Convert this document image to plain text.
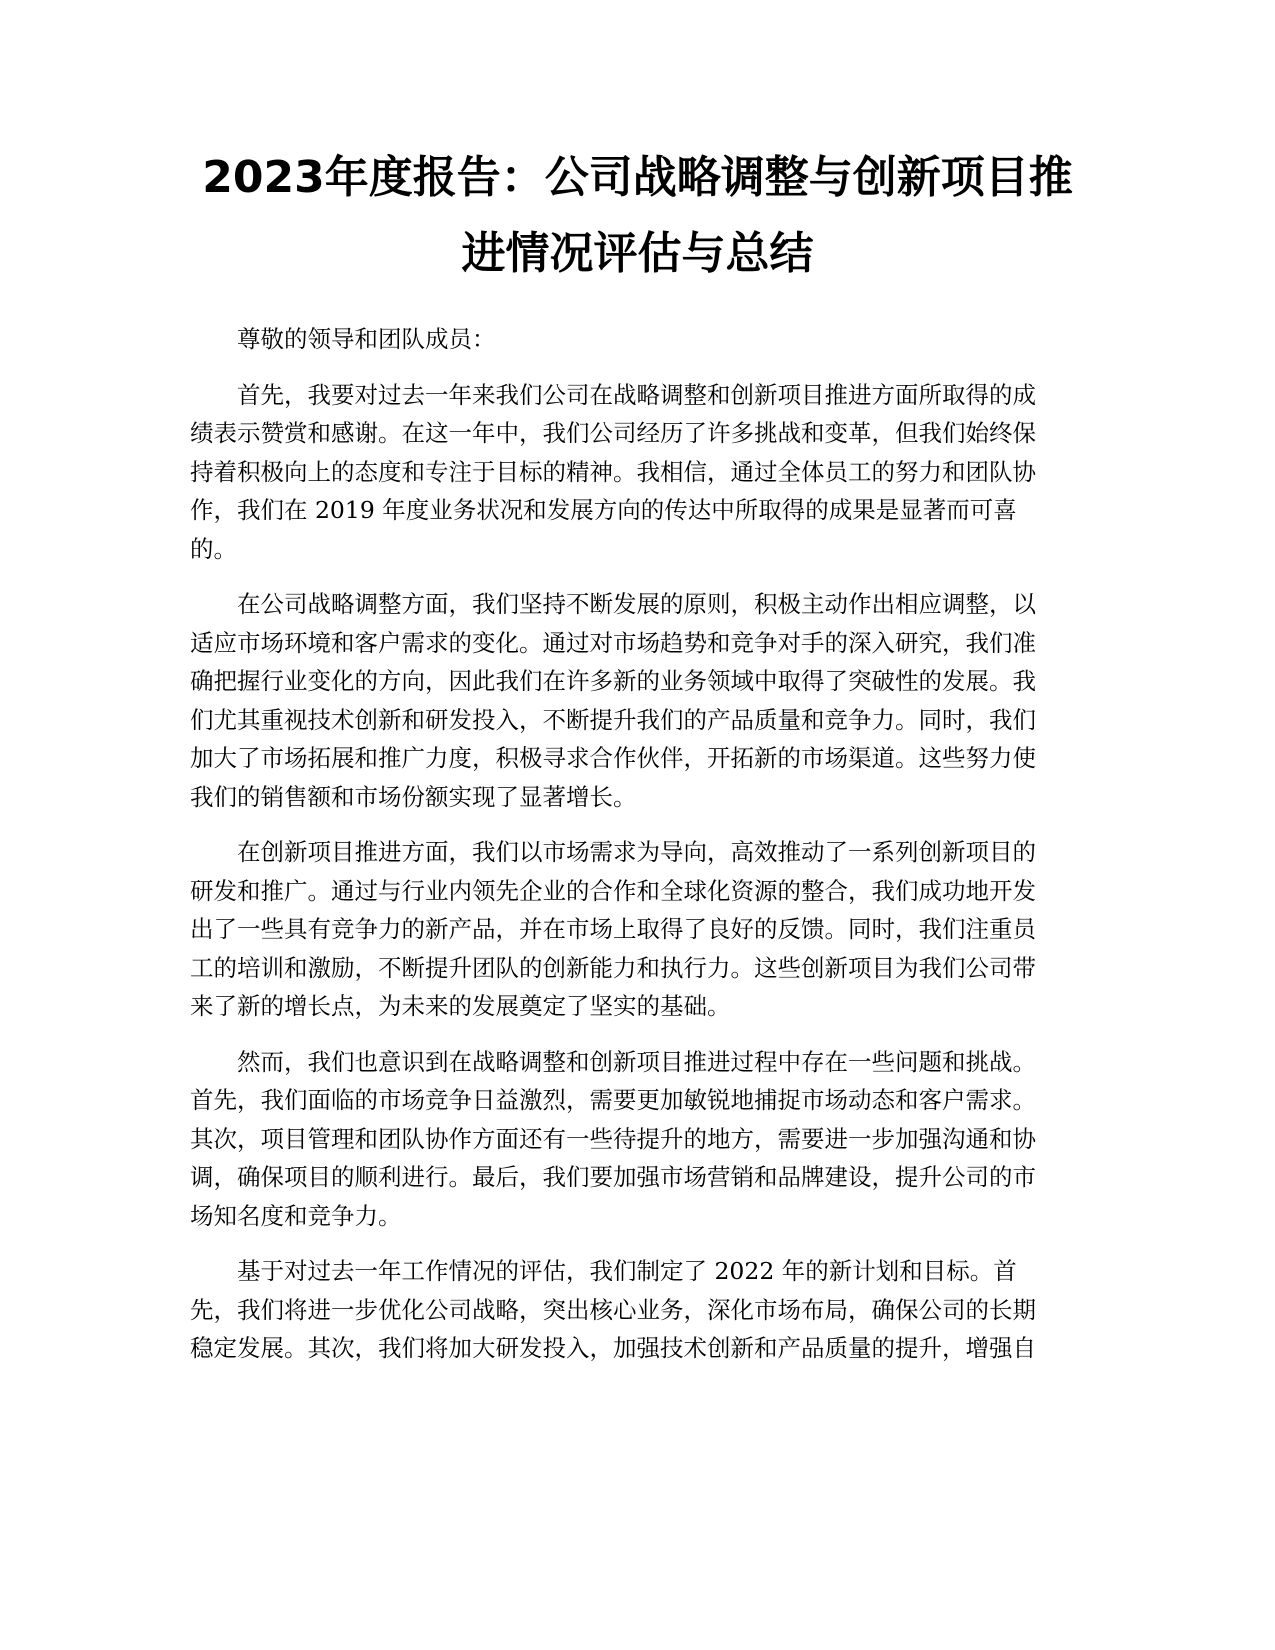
2023年度报告：公司战略调整与创新项目推
进情况评估与总结

尊敬的领导和团队成员：

首先，我要对过去一年来我们公司在战略调整和创新项目推进方面所取得的成
绩表示赞赏和感谢。在这一年中，我们公司经历了许多挑战和变革，但我们始终保
持着积极向上的态度和专注于目标的精神。我相信，通过全体员工的努力和团队协
作，我们在 2019 年度业务状况和发展方向的传达中所取得的成果是显著而可喜
的。

在公司战略调整方面，我们坚持不断发展的原则，积极主动作出相应调整，以
适应市场环境和客户需求的变化。通过对市场趋势和竞争对手的深入研究，我们准
确把握行业变化的方向，因此我们在许多新的业务领域中取得了突破性的发展。我
们尤其重视技术创新和研发投入，不断提升我们的产品质量和竞争力。同时，我们
加大了市场拓展和推广力度，积极寻求合作伙伴，开拓新的市场渠道。这些努力使
我们的销售额和市场份额实现了显著增长。

在创新项目推进方面，我们以市场需求为导向，高效推动了一系列创新项目的
研发和推广。通过与行业内领先企业的合作和全球化资源的整合，我们成功地开发
出了一些具有竞争力的新产品，并在市场上取得了良好的反馈。同时，我们注重员
工的培训和激励，不断提升团队的创新能力和执行力。这些创新项目为我们公司带
来了新的增长点，为未来的发展奠定了坚实的基础。

然而，我们也意识到在战略调整和创新项目推进过程中存在一些问题和挑战。
首先，我们面临的市场竞争日益激烈，需要更加敏锐地捕捉市场动态和客户需求。
其次，项目管理和团队协作方面还有一些待提升的地方，需要进一步加强沟通和协
调，确保项目的顺利进行。最后，我们要加强市场营销和品牌建设，提升公司的市
场知名度和竞争力。

基于对过去一年工作情况的评估，我们制定了 2022 年的新计划和目标。首
先，我们将进一步优化公司战略，突出核心业务，深化市场布局，确保公司的长期
稳定发展。其次，我们将加大研发投入，加强技术创新和产品质量的提升，增强自
